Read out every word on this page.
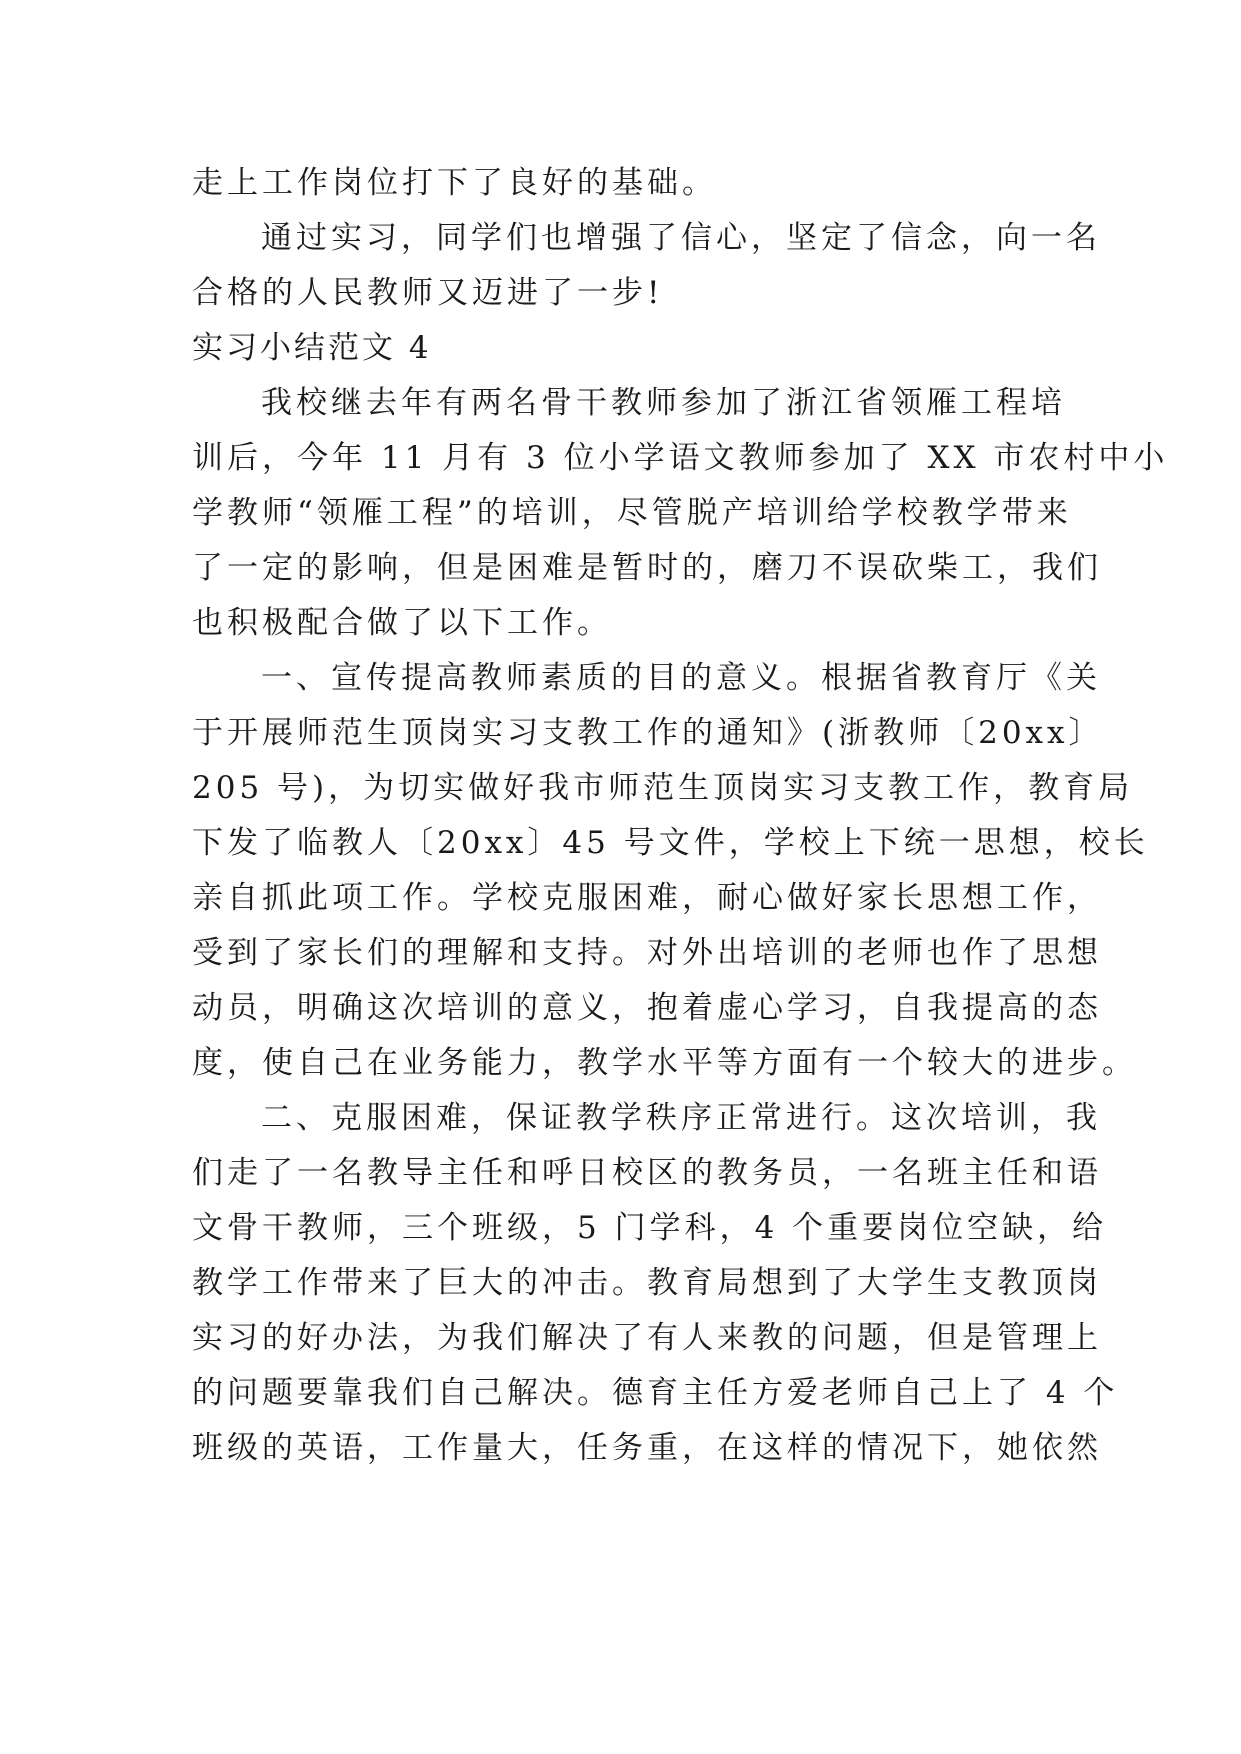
走上工作岗位打下了良好的基础。
通过实习，同学们也增强了信心，坚定了信念，向一名
合格的人民教师又迈进了一步!
实习小结范文 4
我校继去年有两名骨干教师参加了浙江省领雁工程培
训后，今年 11 月有 3 位小学语文教师参加了 XX 市农村中小
学教师“领雁工程”的培训，尽管脱产培训给学校教学带来
了一定的影响，但是困难是暂时的，磨刀不误砍柴工，我们
也积极配合做了以下工作。
一、宣传提高教师素质的目的意义。根据省教育厅《关
于开展师范生顶岗实习支教工作的通知》(浙教师〔20xx〕
205 号)，为切实做好我市师范生顶岗实习支教工作，教育局
下发了临教人〔20xx〕45 号文件，学校上下统一思想，校长
亲自抓此项工作。学校克服困难，耐心做好家长思想工作，
受到了家长们的理解和支持。对外出培训的老师也作了思想
动员，明确这次培训的意义，抱着虚心学习，自我提高的态
度，使自己在业务能力，教学水平等方面有一个较大的进步。
二、克服困难，保证教学秩序正常进行。这次培训，我
们走了一名教导主任和呼日校区的教务员，一名班主任和语
文骨干教师，三个班级，5 门学科，4 个重要岗位空缺，给
教学工作带来了巨大的冲击。教育局想到了大学生支教顶岗
实习的好办法，为我们解决了有人来教的问题，但是管理上
的问题要靠我们自己解决。德育主任方爱老师自己上了 4 个
班级的英语，工作量大，任务重，在这样的情况下，她依然
